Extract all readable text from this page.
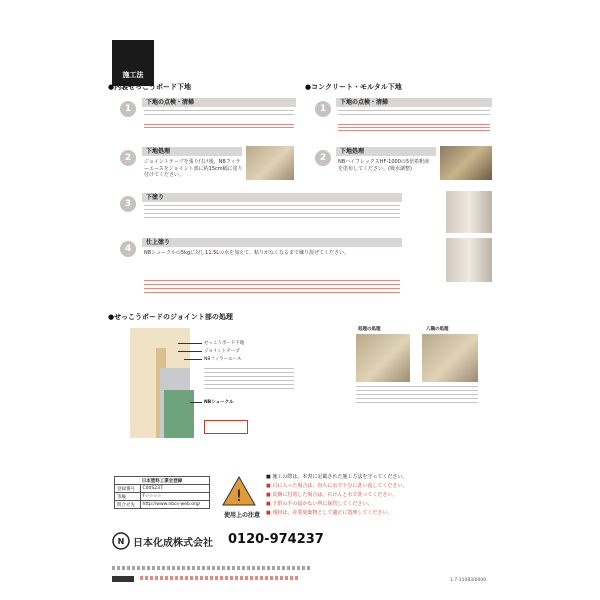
施工法
●内装せっこうボード下地
1
下地の点検・清掃
2
下地処理
ジョイントテープを張り付け後、NBフィラーエースをジョイント部に約15cm幅に塗り付けてください。
3
下塗り
4
仕上塗り
NBシュークルの5kgに対し11.5Lの水を加えて、粘りがなくなるまで練り混ぜてください。
●コンクリート・モルタル下地
1
下地の点検・清掃
2
下地処理
NBハイフレックスHF-1000の5倍希釈液を塗布してください。(吸水調整)
●せっこうボードのジョイント部の処理
せっこうボード下地
ジョイントテープ
NBフィラーエース
NBシュークル
処理の処理	入隅の処理
日本塗料工業会登録	
登録番号	C00S237
等級	F☆☆☆☆
問合せ先	http://www.nbcs-web.org/ !
使用上の注意
■ 施工の際は、本書に記載された施工方法を守ってください。
■ 目に入った場合は、直ちに水で十分に洗い流してください。
■ 皮膚に付着した場合は、石けんと水で洗ってください。
■ 子供の手の届かない所に保管してください。
■ 残材は、産業廃棄物として適正に処理してください。
N 日本化成株式会社 0120-974237
1.7-11083/0000
